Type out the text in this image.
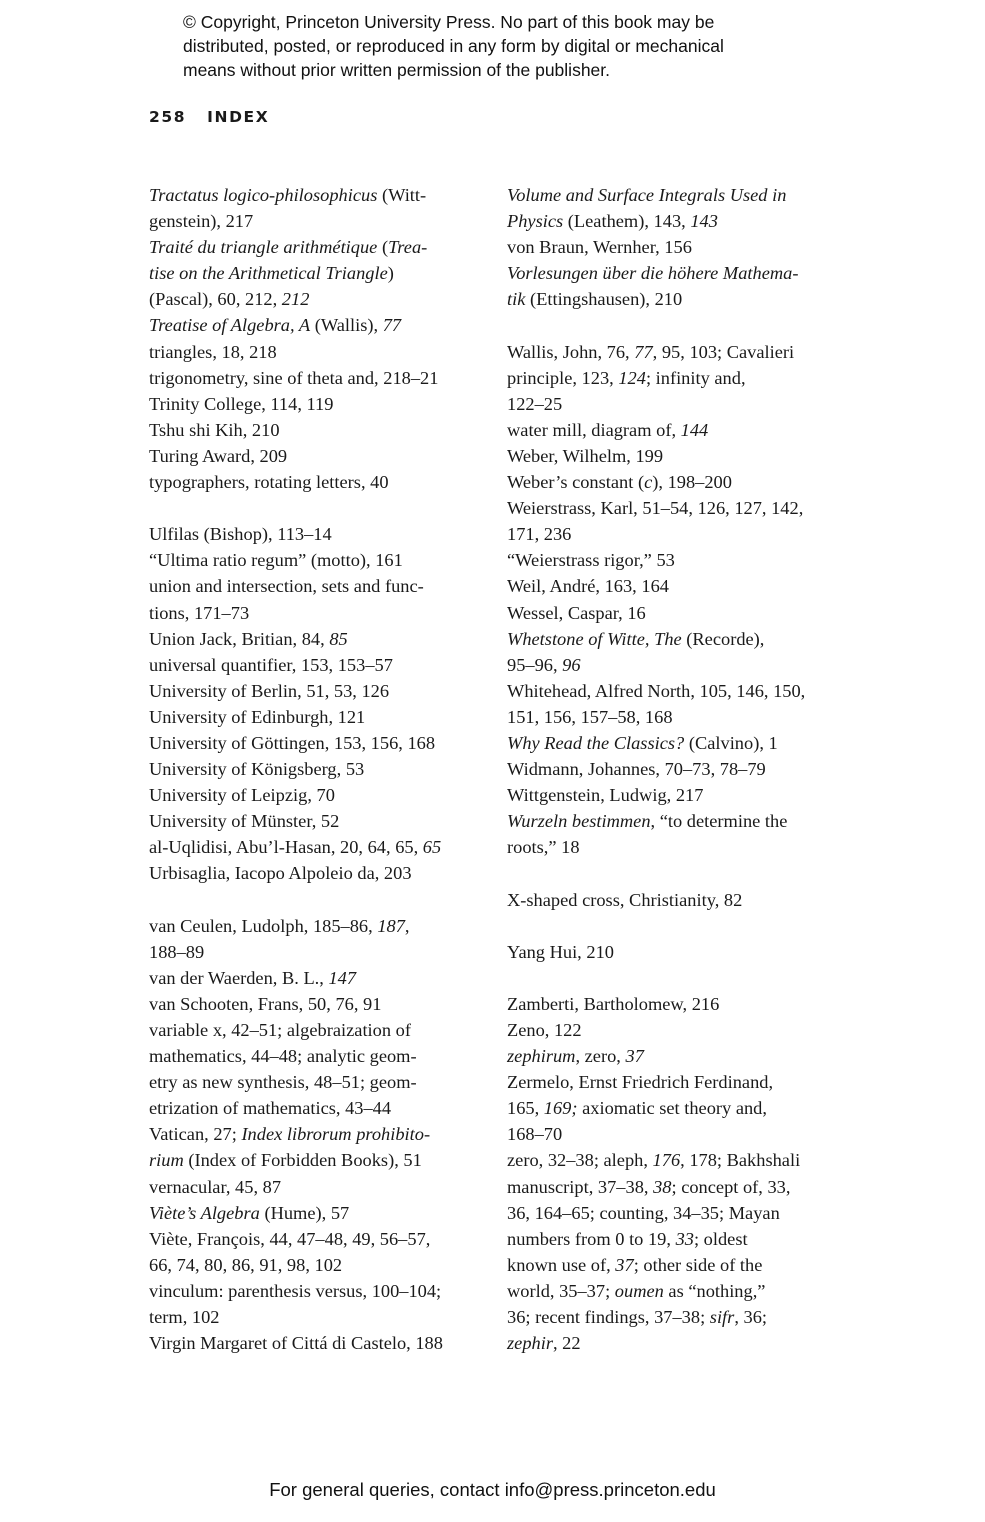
© Copyright, Princeton University Press. No part of this book may be
distributed, posted, or reproduced in any form by digital or mechanical
means without prior written permission of the publisher.
258 INDEX
Tractatus logico-philosophicus (Witt-
genstein), 217
Traité du triangle arithmétique (Trea-
tise on the Arithmetical Triangle)
(Pascal), 60, 212, 212
Treatise of Algebra, A (Wallis), 77
triangles, 18, 218
trigonometry, sine of theta and, 218–21
Trinity College, 114, 119
Tshu shi Kih, 210
Turing Award, 209
typographers, rotating letters, 40
Ulfilas (Bishop), 113–14
“Ultima ratio regum” (motto), 161
union and intersection, sets and func-
tions, 171–73
Union Jack, Britian, 84, 85
universal quantifier, 153, 153–57
University of Berlin, 51, 53, 126
University of Edinburgh, 121
University of Göttingen, 153, 156, 168
University of Königsberg, 53
University of Leipzig, 70
University of Münster, 52
al-Uqlidisi, Abu’l-Hasan, 20, 64, 65, 65
Urbisaglia, Iacopo Alpoleio da, 203
van Ceulen, Ludolph, 185–86, 187,
188–89
van der Waerden, B. L., 147
van Schooten, Frans, 50, 76, 91
variable x, 42–51; algebraization of
mathematics, 44–48; analytic geom-
etry as new synthesis, 48–51; geom-
etrization of mathematics, 43–44
Vatican, 27; Index librorum prohibito-
rium (Index of Forbidden Books), 51
vernacular, 45, 87
Viète’s Algebra (Hume), 57
Viète, François, 44, 47–48, 49, 56–57,
66, 74, 80, 86, 91, 98, 102
vinculum: parenthesis versus, 100–104;
term, 102
Virgin Margaret of Cittá di Castelo, 188
Volume and Surface Integrals Used in
Physics (Leathem), 143, 143
von Braun, Wernher, 156
Vorlesungen über die höhere Mathema-
tik (Ettingshausen), 210
Wallis, John, 76, 77, 95, 103; Cavalieri
principle, 123, 124; infinity and,
122–25
water mill, diagram of, 144
Weber, Wilhelm, 199
Weber’s constant (c), 198–200
Weierstrass, Karl, 51–54, 126, 127, 142,
171, 236
“Weierstrass rigor,” 53
Weil, André, 163, 164
Wessel, Caspar, 16
Whetstone of Witte, The (Recorde),
95–96, 96
Whitehead, Alfred North, 105, 146, 150,
151, 156, 157–58, 168
Why Read the Classics? (Calvino), 1
Widmann, Johannes, 70–73, 78–79
Wittgenstein, Ludwig, 217
Wurzeln bestimmen, “to determine the
roots,” 18
X-shaped cross, Christianity, 82
Yang Hui, 210
Zamberti, Bartholomew, 216
Zeno, 122
zephirum, zero, 37
Zermelo, Ernst Friedrich Ferdinand,
165, 169; axiomatic set theory and,
168–70
zero, 32–38; aleph, 176, 178; Bakhshali
manuscript, 37–38, 38; concept of, 33,
36, 164–65; counting, 34–35; Mayan
numbers from 0 to 19, 33; oldest
known use of, 37; other side of the
world, 35–37; oumen as “nothing,”
36; recent findings, 37–38; sifr, 36;
zephir, 22
For general queries, contact info@press.princeton.edu
